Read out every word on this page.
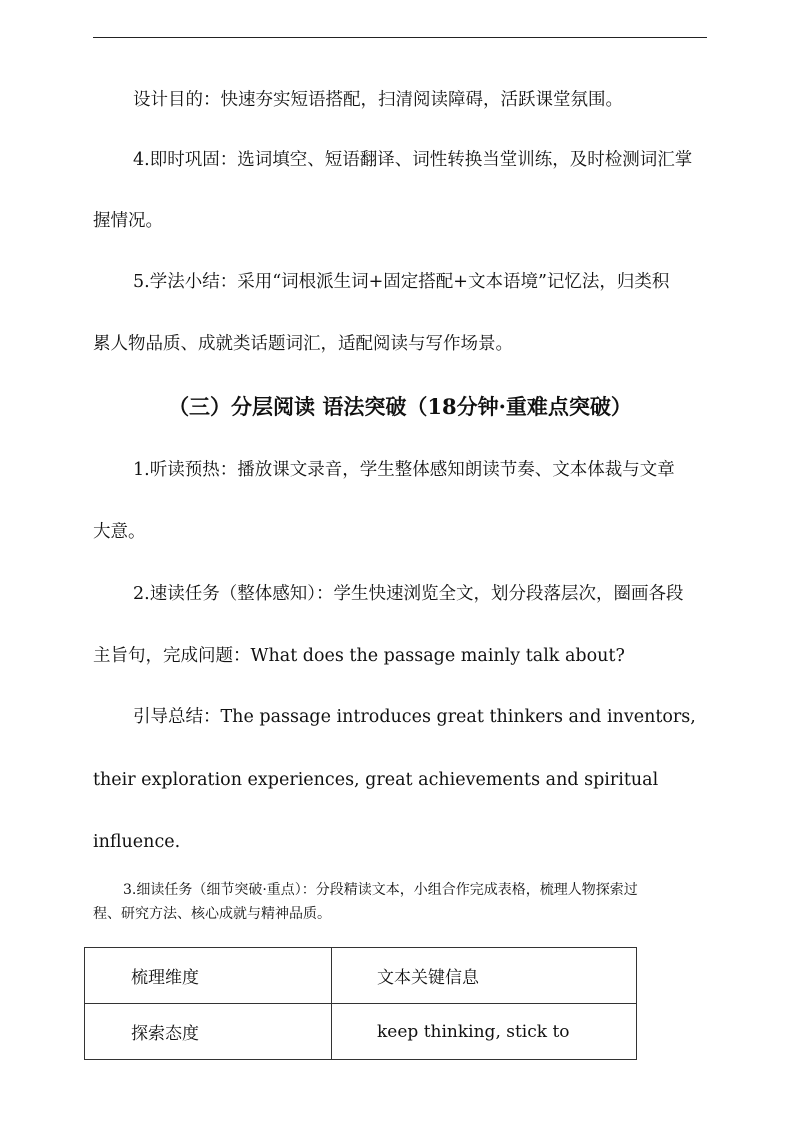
设计目的：快速夯实短语搭配，扫清阅读障碍，活跃课堂氛围。
4.即时巩固：选词填空、短语翻译、词性转换当堂训练，及时检测词汇掌
握情况。
5.学法小结：采用“词根派生词+固定搭配+文本语境”记忆法，归类积
累人物品质、成就类话题词汇，适配阅读与写作场景。
（三）分层阅读 语法突破（18分钟·重难点突破）
1.听读预热：播放课文录音，学生整体感知朗读节奏、文本体裁与文章
大意。
2.速读任务（整体感知）：学生快速浏览全文，划分段落层次，圈画各段
主旨句，完成问题：What does the passage mainly talk about?
引导总结：The passage introduces great thinkers and inventors,
their exploration experiences, great achievements and spiritual
influence.
3.细读任务（细节突破·重点）：分段精读文本，小组合作完成表格，梳理人物探索过
程、研究方法、核心成就与精神品质。
梳理维度	文本关键信息
探索态度	keep thinking, stick to
